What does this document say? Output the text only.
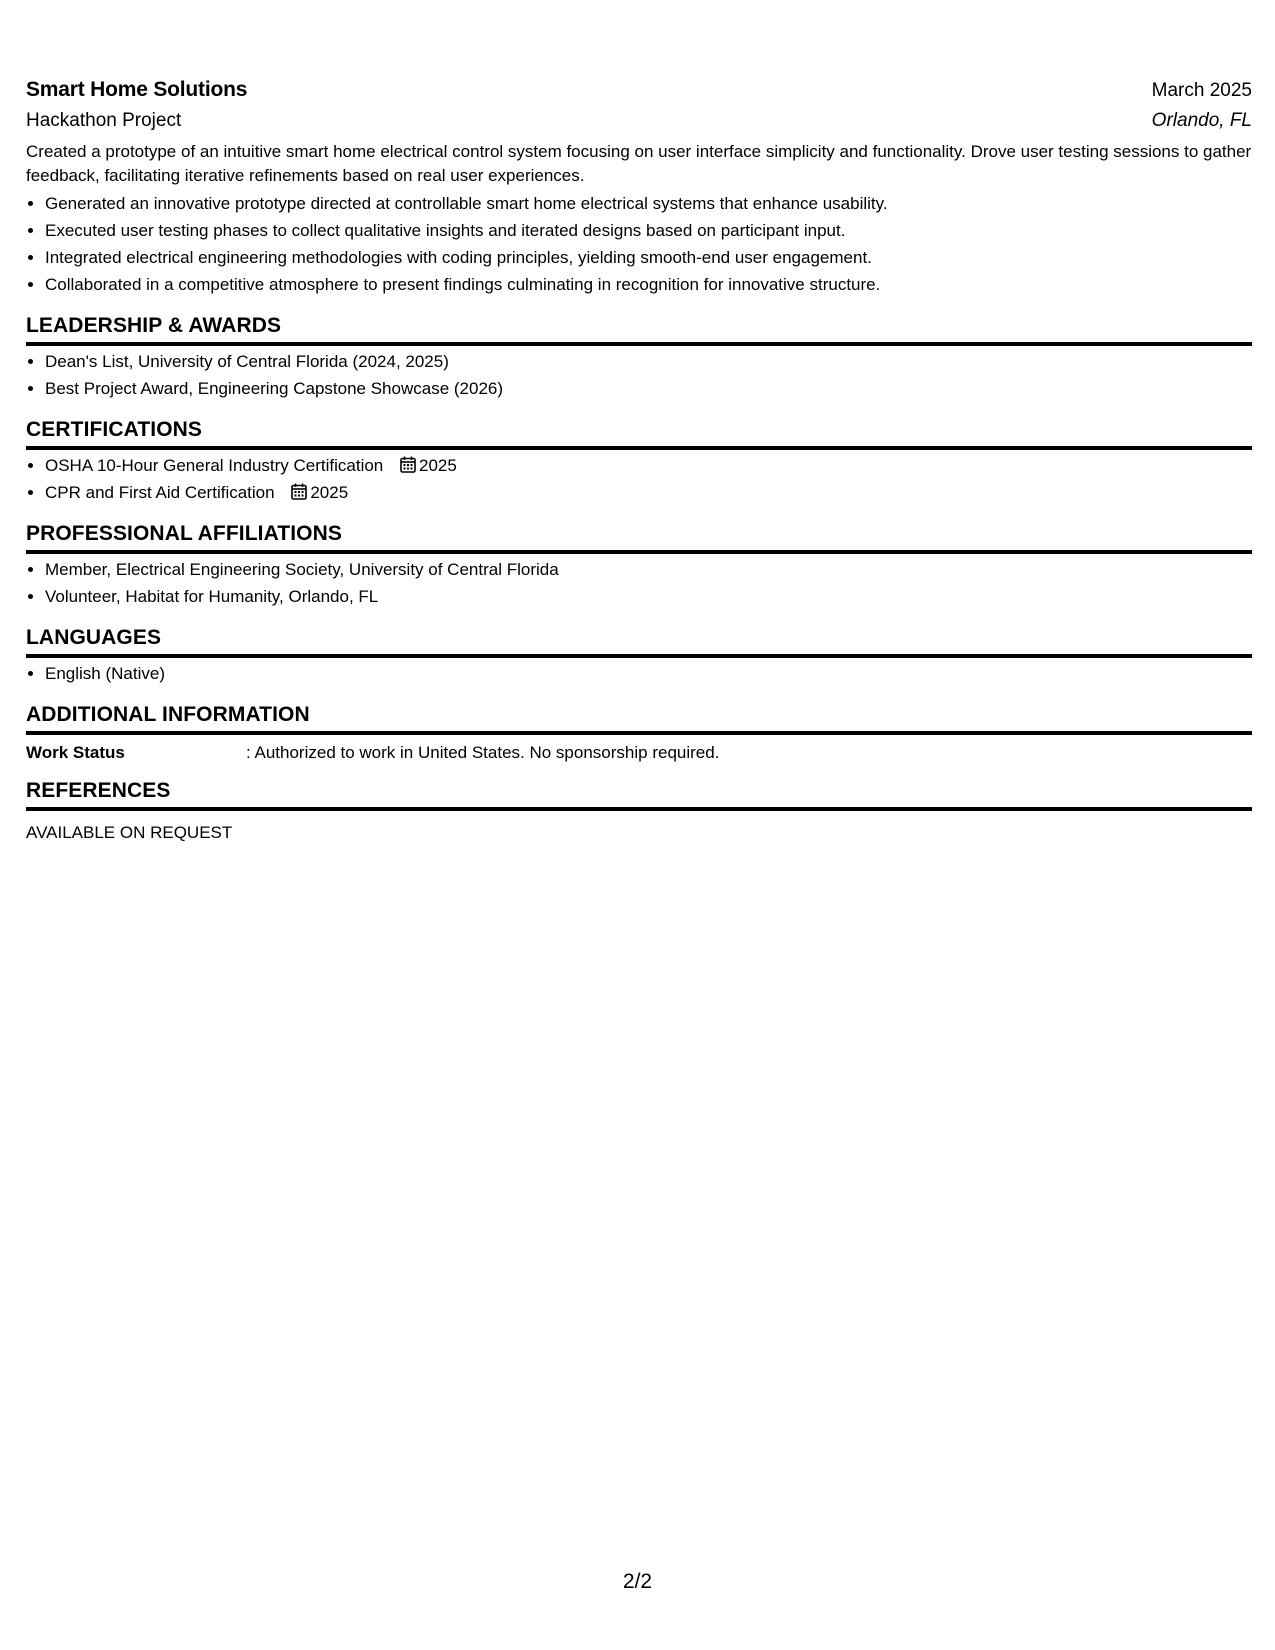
Smart Home Solutions	March 2025
Hackathon Project	Orlando, FL
Created a prototype of an intuitive smart home electrical control system focusing on user interface simplicity and functionality. Drove user testing sessions to gather feedback, facilitating iterative refinements based on real user experiences.
• Generated an innovative prototype directed at controllable smart home electrical systems that enhance usability.
• Executed user testing phases to collect qualitative insights and iterated designs based on participant input.
• Integrated electrical engineering methodologies with coding principles, yielding smooth-end user engagement.
• Collaborated in a competitive atmosphere to present findings culminating in recognition for innovative structure.
LEADERSHIP & AWARDS
• Dean's List, University of Central Florida (2024, 2025)
• Best Project Award, Engineering Capstone Showcase (2026)
CERTIFICATIONS
• OSHA 10-Hour General Industry Certification 2025
• CPR and First Aid Certification 2025
PROFESSIONAL AFFILIATIONS
• Member, Electrical Engineering Society, University of Central Florida
• Volunteer, Habitat for Humanity, Orlando, FL
LANGUAGES
• English (Native)
ADDITIONAL INFORMATION
Work Status	: Authorized to work in United States. No sponsorship required.
REFERENCES
AVAILABLE ON REQUEST
2/2
